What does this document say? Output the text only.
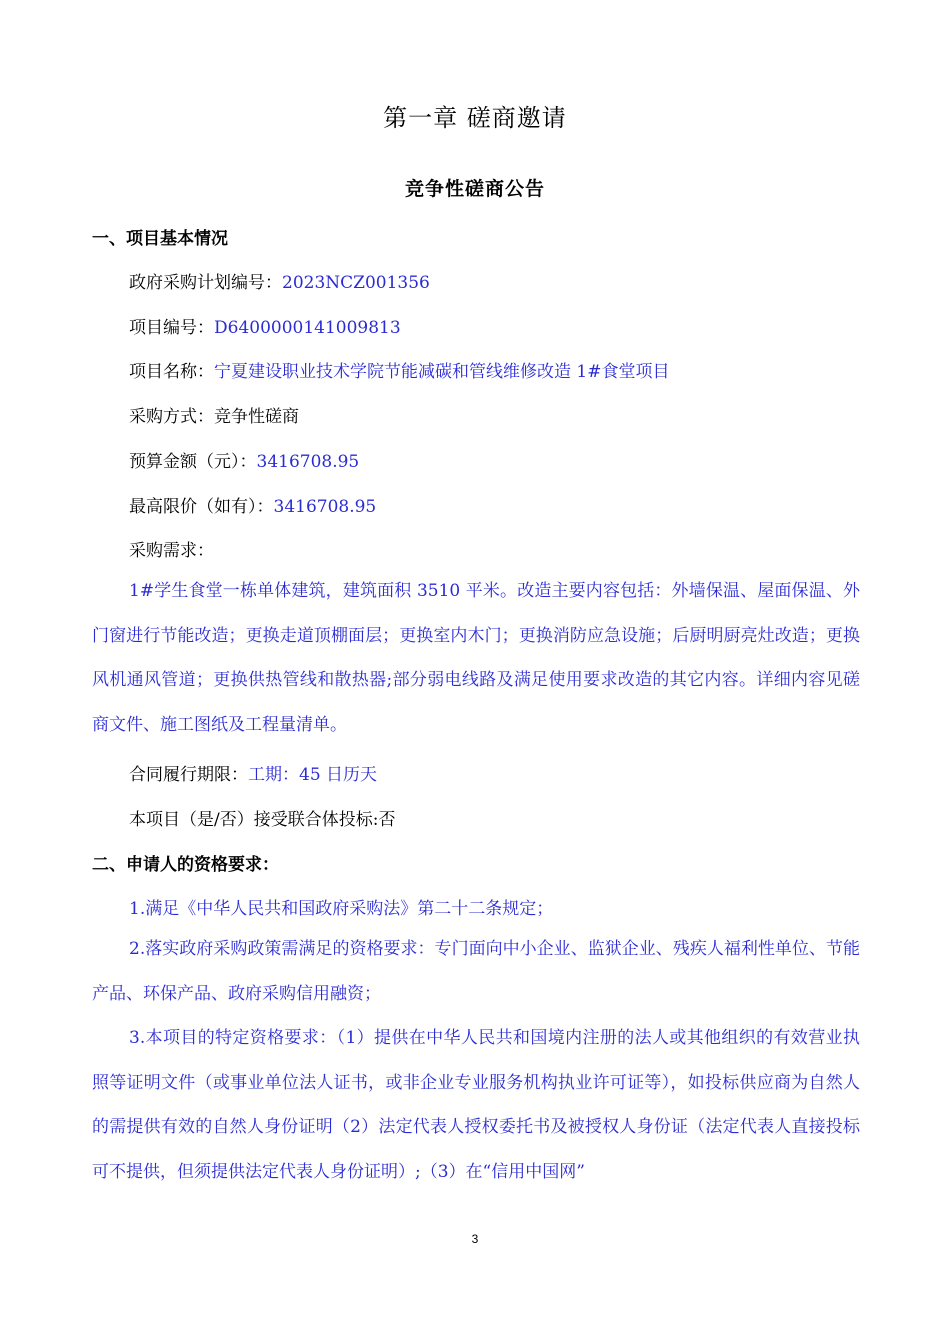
第一章 磋商邀请
竞争性磋商公告
一、项目基本情况
政府采购计划编号：2023NCZ001356
项目编号：D6400000141009813
项目名称：宁夏建设职业技术学院节能减碳和管线维修改造 1#食堂项目
采购方式：竞争性磋商
预算金额（元）：3416708.95
最高限价（如有）：3416708.95
采购需求：
1#学生食堂一栋单体建筑，建筑面积 3510 平米。改造主要内容包括：外墙保温、屋面保温、外门窗进行节能改造；更换走道顶棚面层；更换室内木门；更换消防应急设施；后厨明厨亮灶改造；更换风机通风管道；更换供热管线和散热器;部分弱电线路及满足使用要求改造的其它内容。详细内容见磋商文件、施工图纸及工程量清单。
合同履行期限：工期：45 日历天
本项目（是/否）接受联合体投标:否
二、申请人的资格要求：
1.满足《中华人民共和国政府采购法》第二十二条规定；
2.落实政府采购政策需满足的资格要求：专门面向中小企业、监狱企业、残疾人福利性单位、节能产品、环保产品、政府采购信用融资；
3.本项目的特定资格要求：（1）提供在中华人民共和国境内注册的法人或其他组织的有效营业执照等证明文件（或事业单位法人证书，或非企业专业服务机构执业许可证等），如投标供应商为自然人的需提供有效的自然人身份证明（2）法定代表人授权委托书及被授权人身份证（法定代表人直接投标可不提供，但须提供法定代表人身份证明）;（3）在“信用中国网”
3
